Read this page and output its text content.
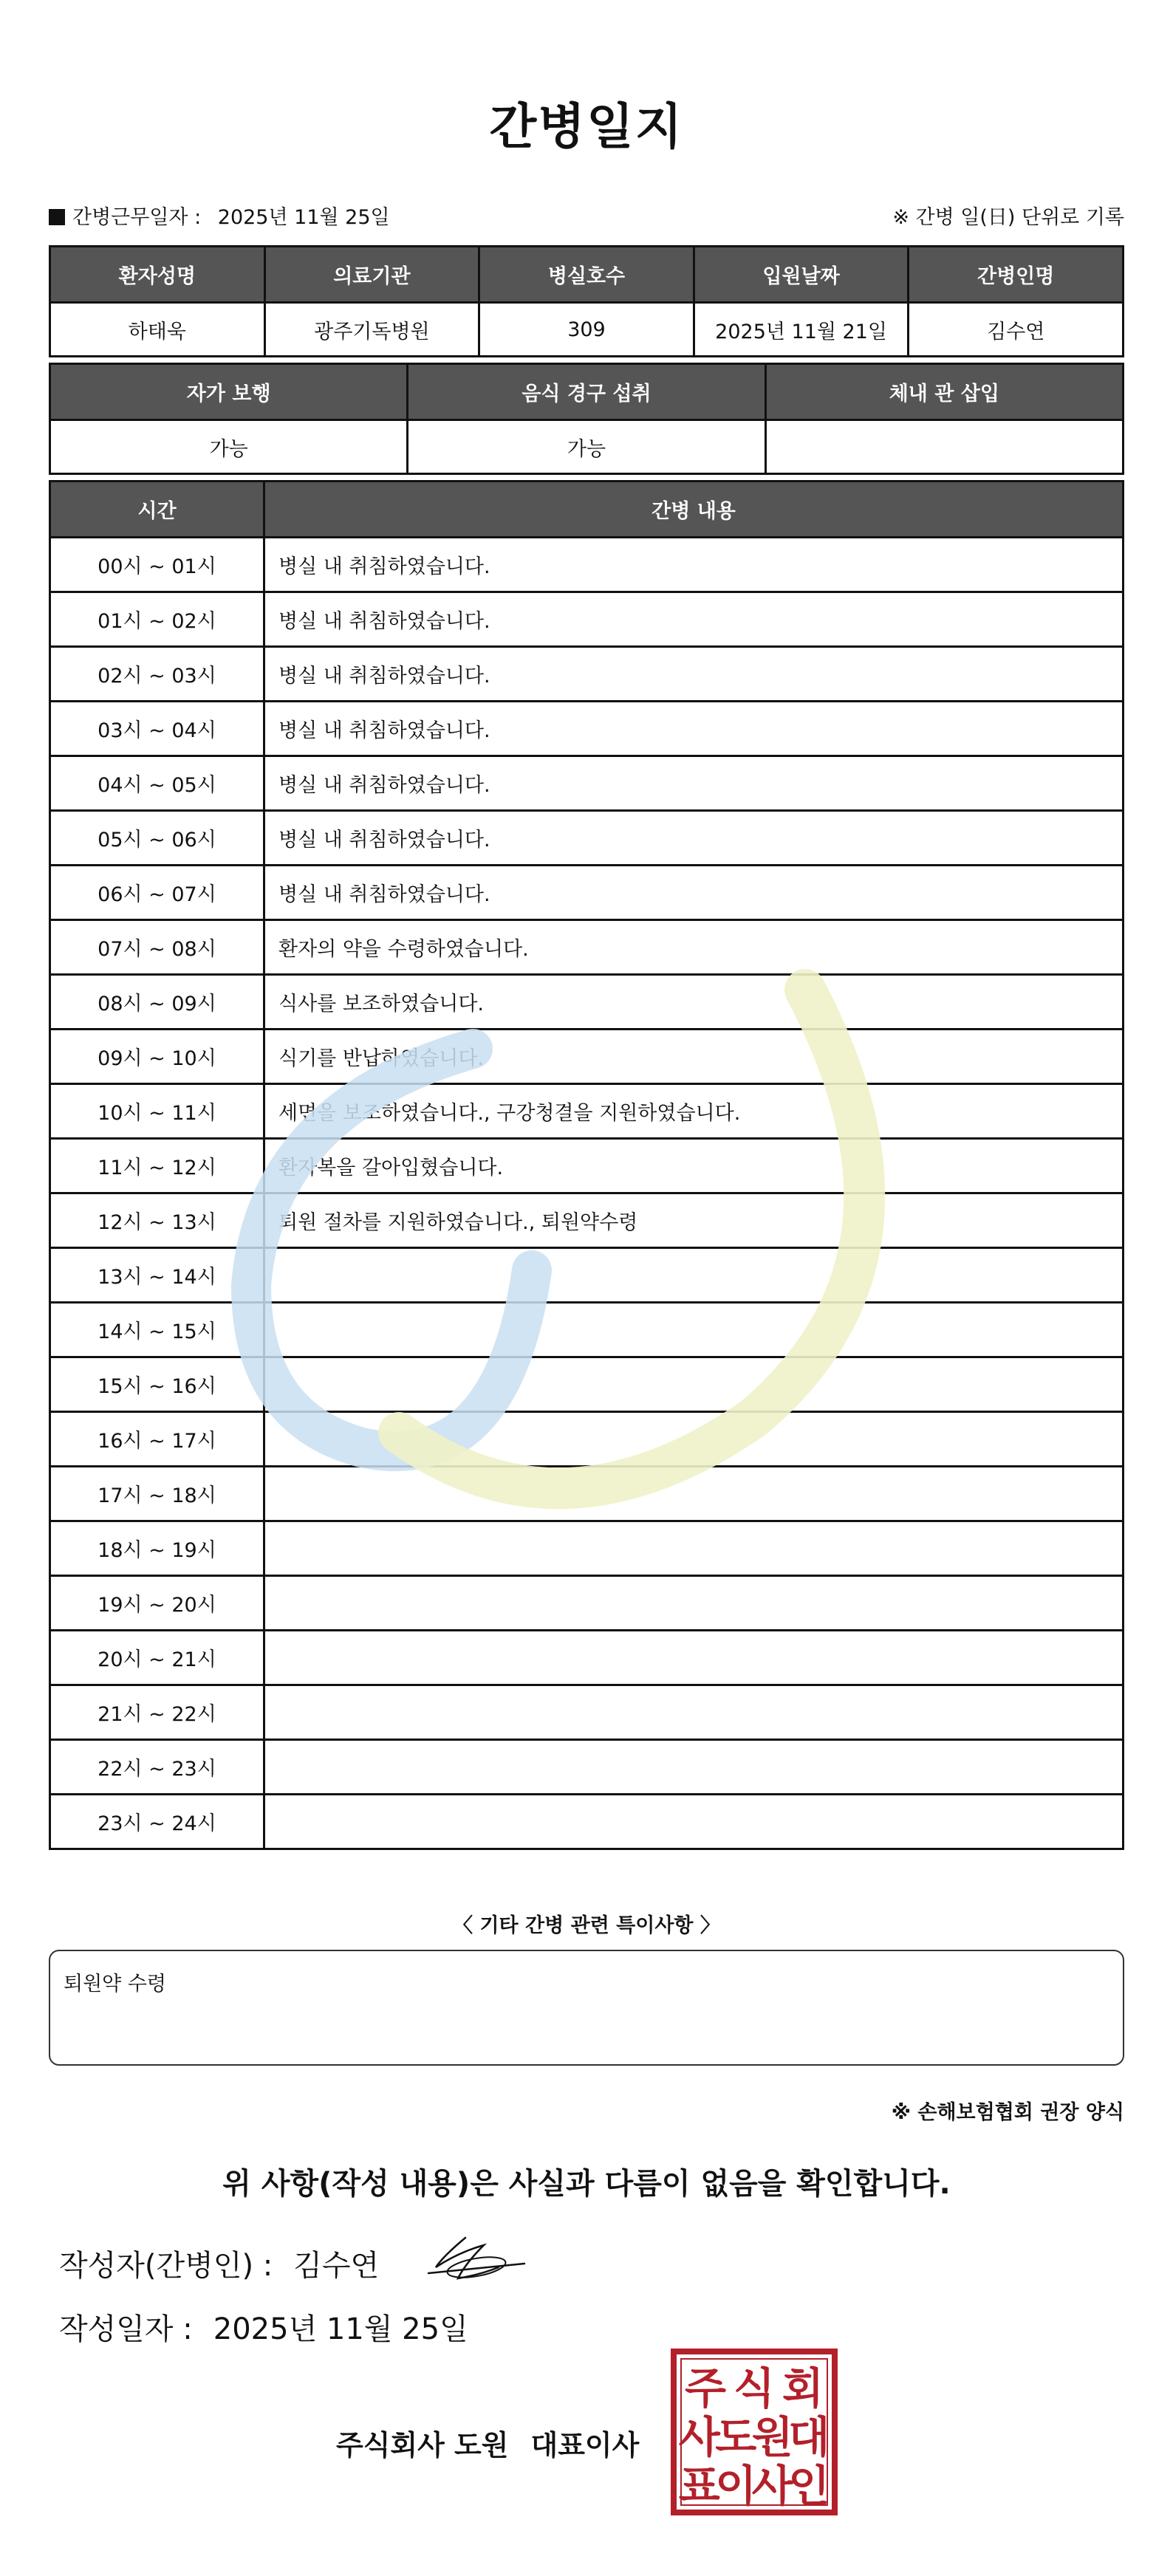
간병일지
간병근무일자 : 2025년 11월 25일	※ 간병 일(日) 단위로 기록
환자성명	의료기관	병실호수	입원날짜	간병인명
하태욱	광주기독병원	309	2025년 11월 21일	김수연
자가 보행	음식 경구 섭취	체내 관 삽입
가능	가능	
시간	간병 내용
00시 ~ 01시	병실 내 취침하였습니다.
01시 ~ 02시	병실 내 취침하였습니다.
02시 ~ 03시	병실 내 취침하였습니다.
03시 ~ 04시	병실 내 취침하였습니다.
04시 ~ 05시	병실 내 취침하였습니다.
05시 ~ 06시	병실 내 취침하였습니다.
06시 ~ 07시	병실 내 취침하였습니다.
07시 ~ 08시	환자의 약을 수령하였습니다.
08시 ~ 09시	식사를 보조하였습니다.
09시 ~ 10시	식기를 반납하였습니다.
10시 ~ 11시	세면을 보조하였습니다., 구강청결을 지원하였습니다.
11시 ~ 12시	환자복을 갈아입혔습니다.
12시 ~ 13시	퇴원 절차를 지원하였습니다., 퇴원약수령
13시 ~ 14시	
14시 ~ 15시	
15시 ~ 16시	
16시 ~ 17시	
17시 ~ 18시	
18시 ~ 19시	
19시 ~ 20시	
20시 ~ 21시	
21시 ~ 22시	
22시 ~ 23시	
23시 ~ 24시	
〈 기타 간병 관련 특이사항 〉
퇴원약 수령
※ 손해보험협회 권장 양식
위 사항(작성 내용)은 사실과 다름이 없음을 확인합니다.
작성자(간병인) : 김수연
작성일자 : 2025년 11월 25일
주식회사 도원 대표이사
주 식 회
사
도
원
대
표
이
사
인
